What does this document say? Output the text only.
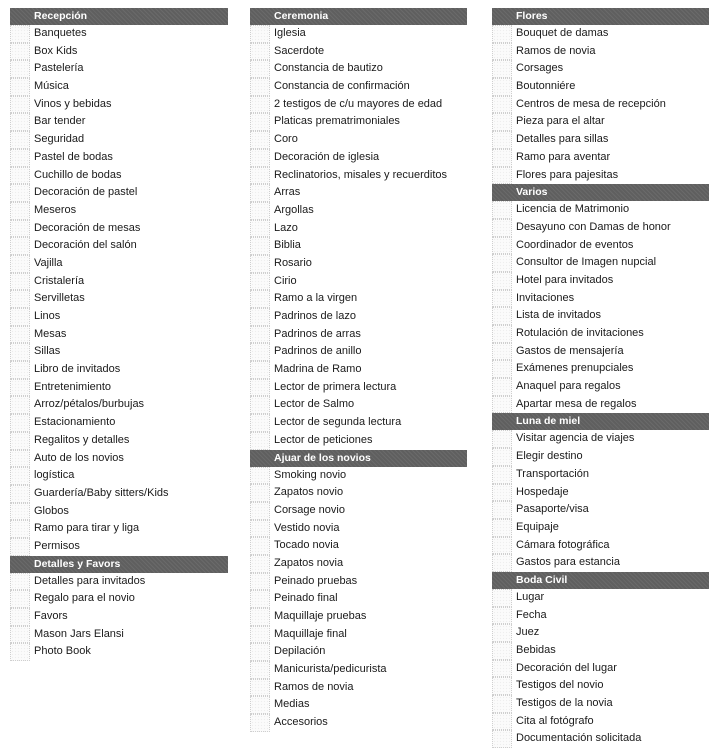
Recepción
Banquetes
Box Kids
Pastelería
Música
Vinos y bebidas
Bar tender
Seguridad
Pastel de bodas
Cuchillo de bodas
Decoración de pastel
Meseros
Decoración de mesas
Decoración del salón
Vajilla
Cristalería
Servilletas
Linos
Mesas
Sillas
Libro de invitados
Entretenimiento
Arroz/pétalos/burbujas
Estacionamiento
Regalitos y detalles
Auto de los novios
logística
Guardería/Baby sitters/Kids
Globos
Ramo para tirar y liga
Permisos
Detalles y Favors
Detalles para invitados
Regalo para el novio
Favors
Mason Jars Elansi
Photo Book
Ceremonia
Iglesia
Sacerdote
Constancia de bautizo
Constancia de confirmación
2 testigos de c/u mayores de edad
Platicas prematrimoniales
Coro
Decoración de iglesia
Reclinatorios, misales y recuerditos
Arras
Argollas
Lazo
Biblia
Rosario
Cirio
Ramo a la virgen
Padrinos de lazo
Padrinos de arras
Padrinos de anillo
Madrina de Ramo
Lector de primera lectura
Lector de Salmo
Lector de segunda lectura
Lector de peticiones
Ajuar de los novios
Smoking novio
Zapatos novio
Corsage novio
Vestido novia
Tocado novia
Zapatos novia
Peinado pruebas
Peinado final
Maquillaje pruebas
Maquillaje final
Depilación
Manicurista/pedicurista
Ramos de novia
Medias
Accesorios
Flores
Bouquet de damas
Ramos de novia
Corsages
Boutonniére
Centros de mesa de recepción
Pieza para el altar
Detalles para sillas
Ramo para aventar
Flores para pajesitas
Varios
Licencia de Matrimonio
Desayuno con Damas de honor
Coordinador de eventos
Consultor de Imagen nupcial
Hotel para invitados
Invitaciones
Lista de invitados
Rotulación de invitaciones
Gastos de mensajería
Exámenes prenupciales
Anaquel para regalos
Apartar mesa de regalos
Luna de miel
Visitar agencia de viajes
Elegir destino
Transportación
Hospedaje
Pasaporte/visa
Equipaje
Cámara fotográfica
Gastos para estancia
Boda Civil
Lugar
Fecha
Juez
Bebidas
Decoración del lugar
Testigos del novio
Testigos de la novia
Cita al fotógrafo
Documentación solicitada
